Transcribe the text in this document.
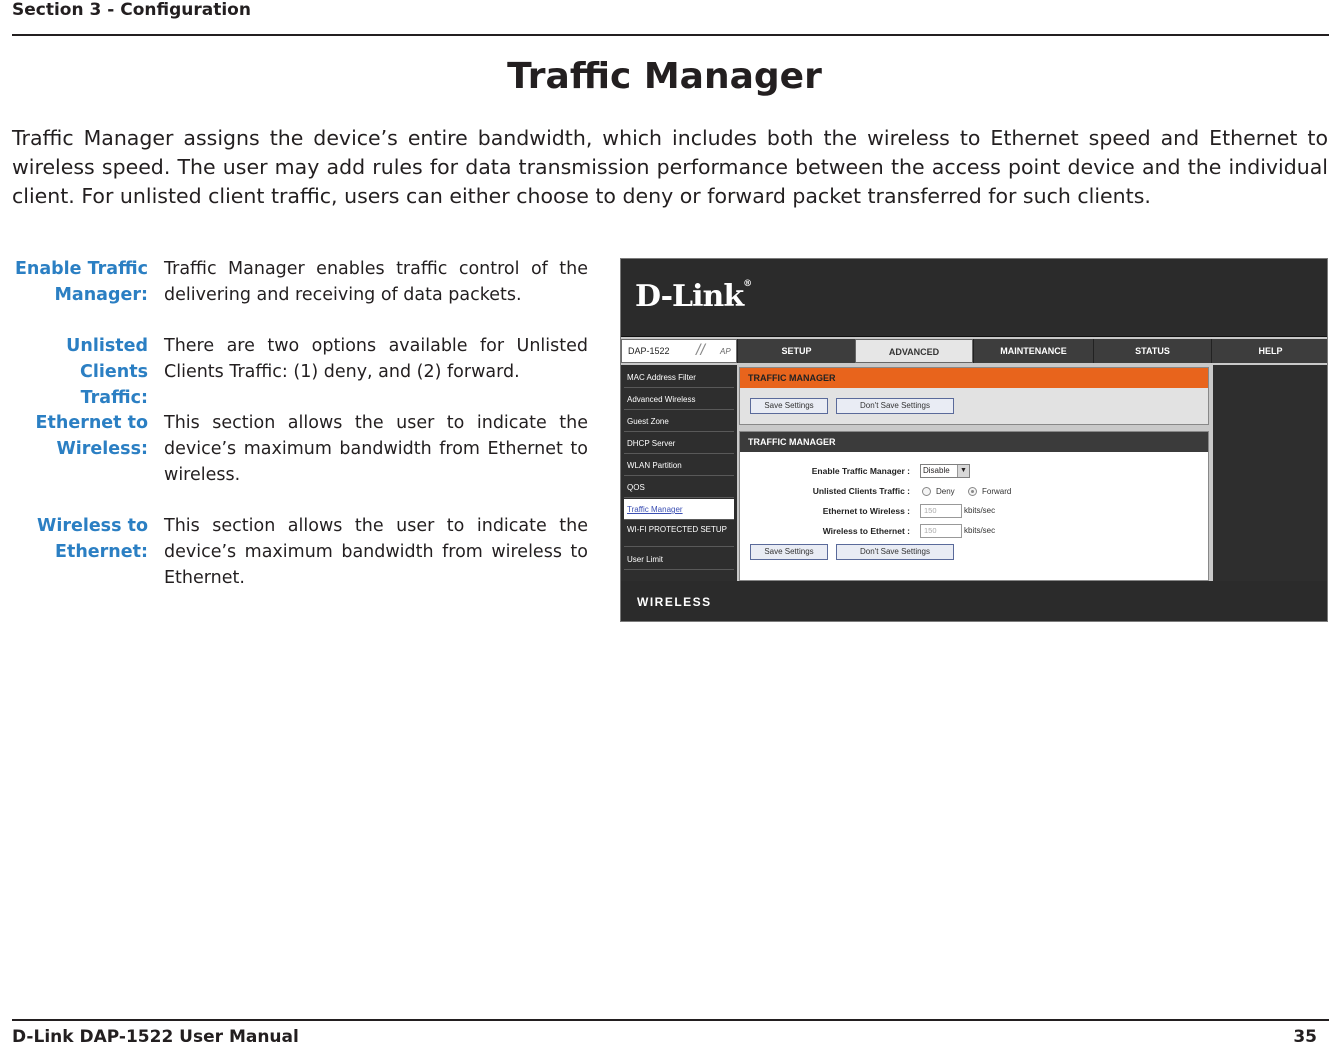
Section 3 - Configuration
Traffic Manager

Traffic Manager assigns the device’s entire bandwidth, which includes both the wireless to Ethernet speed and Ethernet to wireless speed. The user may add rules for data transmission performance between the access point device and the individual client. For unlisted client traffic, users can either choose to deny or forward packet transferred for such clients.

Enable Traffic
Manager:
Traffic Manager enables traffic control of the delivering and receiving of data packets.
Unlisted Clients
Traffic:
There are two options available for Unlisted Clients Traffic: (1) deny, and (2) forward.
Ethernet to
Wireless:
This section allows the user to indicate the device’s maximum bandwidth from Ethernet to wireless.
Wireless to
Ethernet:
This section allows the user to indicate the device’s maximum bandwidth from wireless to Ethernet.
D-Link®
DAP-1522 // AP	SETUP	ADVANCED	MAINTENANCE	STATUS	HELP
MAC Address Filter
Advanced Wireless
Guest Zone
DHCP Server
WLAN Partition
QOS
Traffic Manager
WI-FI PROTECTED SETUP
User Limit
TRAFFIC MANAGER
Save Settings	Don't Save Settings
TRAFFIC MANAGER
Enable Traffic Manager :	Disable	▼
Unlisted Clients Traffic :	Deny	Forward
Ethernet to Wireless :	150	kbits/sec
Wireless to Ethernet :	150	kbits/sec
Save Settings	Don't Save Settings
WIRELESS
D-Link DAP-1522 User Manual	35
